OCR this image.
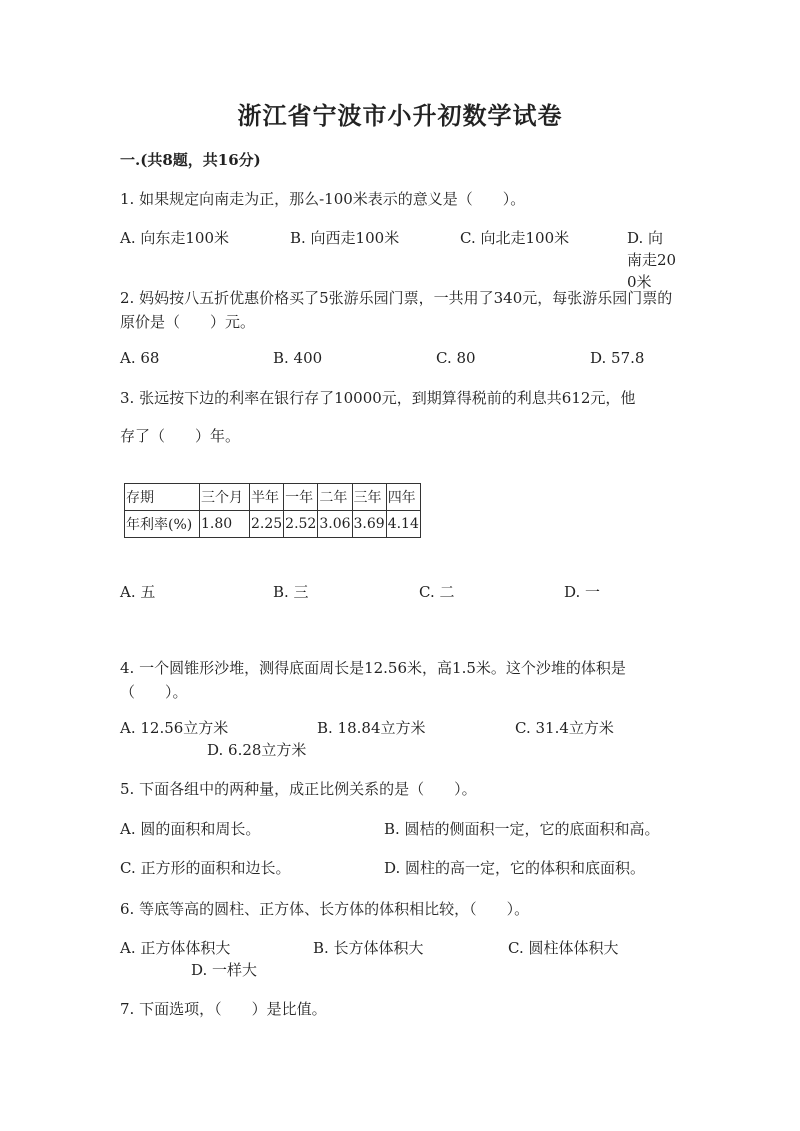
浙江省宁波市小升初数学试卷
一.(共8题，共16分)
1. 如果规定向南走为正，那么-100米表示的意义是（　　）。
A. 向东走100米	B. 向西走100米	C. 向北走100米	D. 向南走200米
2. 妈妈按八五折优惠价格买了5张游乐园门票，一共用了340元，每张游乐园门票的原价是（　　）元。
A. 68	B. 400	C. 80	D. 57.8
3. 张远按下边的利率在银行存了10000元，到期算得税前的利息共612元，他
存了（　　）年。
存期	三个月	半年	一年	二年	三年	四年
年利率(%)	1.80	2.25	2.52	3.06	3.69	4.14
A. 五	B. 三	C. 二	D. 一
4. 一个圆锥形沙堆，测得底面周长是12.56米，高1.5米。这个沙堆的体积是（　　）。
A. 12.56立方米	B. 18.84立方米	C. 31.4立方米
D. 6.28立方米
5. 下面各组中的两种量，成正比例关系的是（　　）。
A. 圆的面积和周长。	B. 圆桔的侧面积一定，它的底面积和高。
C. 正方形的面积和边长。	D. 圆柱的高一定，它的体积和底面积。
6. 等底等高的圆柱、正方体、长方体的体积相比较，（　　）。
A. 正方体体积大	B. 长方体体积大	C. 圆柱体体积大
D. 一样大
7. 下面选项，（　　）是比值。
